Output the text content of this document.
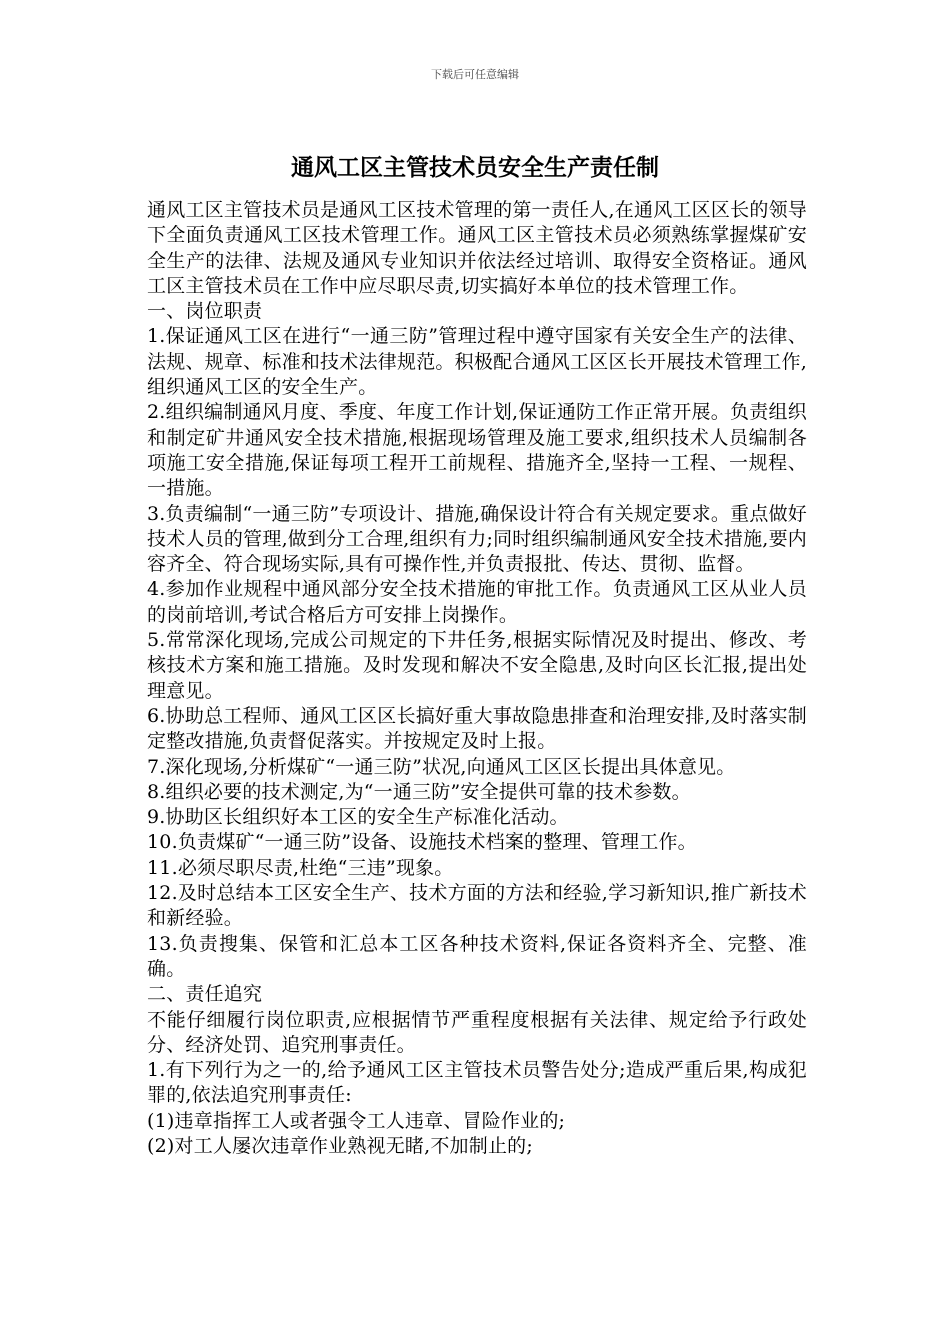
下载后可任意编辑
通风工区主管技术员安全生产责任制

通风工区主管技术员是通风工区技术管理的第一责任人,在通风工区区长的领导下全面负责通风工区技术管理工作。通风工区主管技术员必须熟练掌握煤矿安全生产的法律、法规及通风专业知识并依法经过培训、取得安全资格证。通风工区主管技术员在工作中应尽职尽责,切实搞好本单位的技术管理工作。

一、岗位职责

1.保证通风工区在进行“一通三防”管理过程中遵守国家有关安全生产的法律、法规、规章、标准和技术法律规范。积极配合通风工区区长开展技术管理工作,组织通风工区的安全生产。

2.组织编制通风月度、季度、年度工作计划,保证通防工作正常开展。负责组织和制定矿井通风安全技术措施,根据现场管理及施工要求,组织技术人员编制各项施工安全措施,保证每项工程开工前规程、措施齐全,坚持一工程、一规程、一措施。

3.负责编制“一通三防”专项设计、措施,确保设计符合有关规定要求。重点做好技术人员的管理,做到分工合理,组织有力;同时组织编制通风安全技术措施,要内容齐全、符合现场实际,具有可操作性,并负责报批、传达、贯彻、监督。

4.参加作业规程中通风部分安全技术措施的审批工作。负责通风工区从业人员的岗前培训,考试合格后方可安排上岗操作。

5.常常深化现场,完成公司规定的下井任务,根据实际情况及时提出、修改、考核技术方案和施工措施。及时发现和解决不安全隐患,及时向区长汇报,提出处理意见。

6.协助总工程师、通风工区区长搞好重大事故隐患排查和治理安排,及时落实制定整改措施,负责督促落实。并按规定及时上报。

7.深化现场,分析煤矿“一通三防”状况,向通风工区区长提出具体意见。

8.组织必要的技术测定,为“一通三防”安全提供可靠的技术参数。

9.协助区长组织好本工区的安全生产标准化活动。

10.负责煤矿“一通三防”设备、设施技术档案的整理、管理工作。

11.必须尽职尽责,杜绝“三违”现象。

12.及时总结本工区安全生产、技术方面的方法和经验,学习新知识,推广新技术和新经验。

13.负责搜集、保管和汇总本工区各种技术资料,保证各资料齐全、完整、准确。

二、责任追究

不能仔细履行岗位职责,应根据情节严重程度根据有关法律、规定给予行政处分、经济处罚、追究刑事责任。

1.有下列行为之一的,给予通风工区主管技术员警告处分;造成严重后果,构成犯罪的,依法追究刑事责任:

(1)违章指挥工人或者强令工人违章、冒险作业的;

(2)对工人屡次违章作业熟视无睹,不加制止的;
